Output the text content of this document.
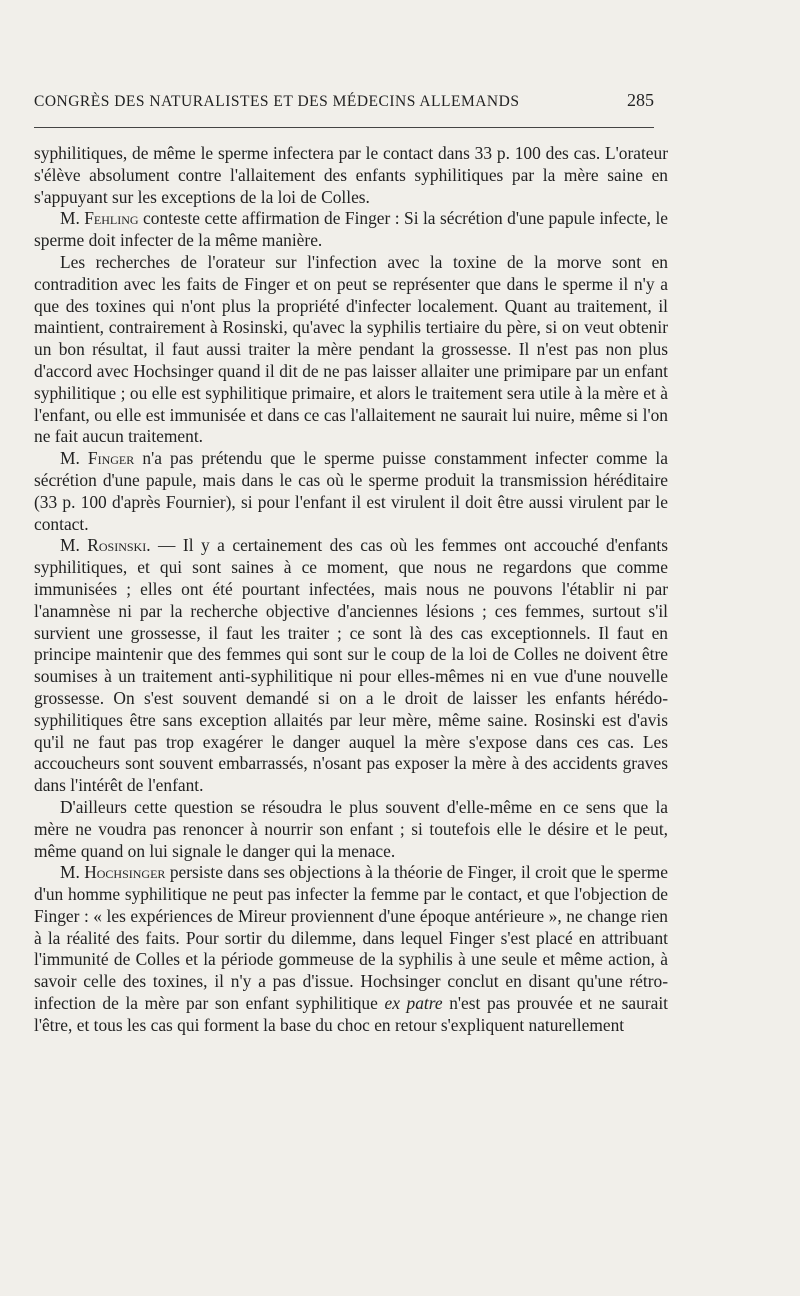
CONGRÈS DES NATURALISTES ET DES MÉDECINS ALLEMANDS	285

syphilitiques, de même le sperme infectera par le contact dans 33 p. 100 des cas. L'orateur s'élève absolument contre l'allaitement des enfants syphilitiques par la mère saine en s'appuyant sur les exceptions de la loi de Colles.

M. Fehling conteste cette affirmation de Finger : Si la sécrétion d'une papule infecte, le sperme doit infecter de la même manière.

Les recherches de l'orateur sur l'infection avec la toxine de la morve sont en contradition avec les faits de Finger et on peut se représenter que dans le sperme il n'y a que des toxines qui n'ont plus la propriété d'infecter localement. Quant au traitement, il maintient, contrairement à Rosinski, qu'avec la syphilis tertiaire du père, si on veut obtenir un bon résultat, il faut aussi traiter la mère pendant la grossesse. Il n'est pas non plus d'accord avec Hochsinger quand il dit de ne pas laisser allaiter une primipare par un enfant syphilitique ; ou elle est syphilitique primaire, et alors le traitement sera utile à la mère et à l'enfant, ou elle est immunisée et dans ce cas l'allaitement ne saurait lui nuire, même si l'on ne fait aucun traitement.

M. Finger n'a pas prétendu que le sperme puisse constamment infecter comme la sécrétion d'une papule, mais dans le cas où le sperme produit la transmission héréditaire (33 p. 100 d'après Fournier), si pour l'enfant il est virulent il doit être aussi virulent par le contact.

M. Rosinski. — Il y a certainement des cas où les femmes ont accouché d'enfants syphilitiques, et qui sont saines à ce moment, que nous ne regardons que comme immunisées ; elles ont été pourtant infectées, mais nous ne pouvons l'établir ni par l'anamnèse ni par la recherche objective d'anciennes lésions ; ces femmes, surtout s'il survient une grossesse, il faut les traiter ; ce sont là des cas exceptionnels. Il faut en principe maintenir que des femmes qui sont sur le coup de la loi de Colles ne doivent être soumises à un traitement anti-syphilitique ni pour elles-mêmes ni en vue d'une nouvelle grossesse. On s'est souvent demandé si on a le droit de laisser les enfants hérédo-syphilitiques être sans exception allaités par leur mère, même saine. Rosinski est d'avis qu'il ne faut pas trop exagérer le danger auquel la mère s'expose dans ces cas. Les accoucheurs sont souvent embarrassés, n'osant pas exposer la mère à des accidents graves dans l'intérêt de l'enfant.

D'ailleurs cette question se résoudra le plus souvent d'elle-même en ce sens que la mère ne voudra pas renoncer à nourrir son enfant ; si toutefois elle le désire et le peut, même quand on lui signale le danger qui la menace.

M. Hochsinger persiste dans ses objections à la théorie de Finger, il croit que le sperme d'un homme syphilitique ne peut pas infecter la femme par le contact, et que l'objection de Finger : « les expériences de Mireur proviennent d'une époque antérieure », ne change rien à la réalité des faits. Pour sortir du dilemme, dans lequel Finger s'est placé en attribuant l'immunité de Colles et la période gommeuse de la syphilis à une seule et même action, à savoir celle des toxines, il n'y a pas d'issue. Hochsinger conclut en disant qu'une rétro-infection de la mère par son enfant syphilitique ex patre n'est pas prouvée et ne saurait l'être, et tous les cas qui forment la base du choc en retour s'expliquent naturellement
